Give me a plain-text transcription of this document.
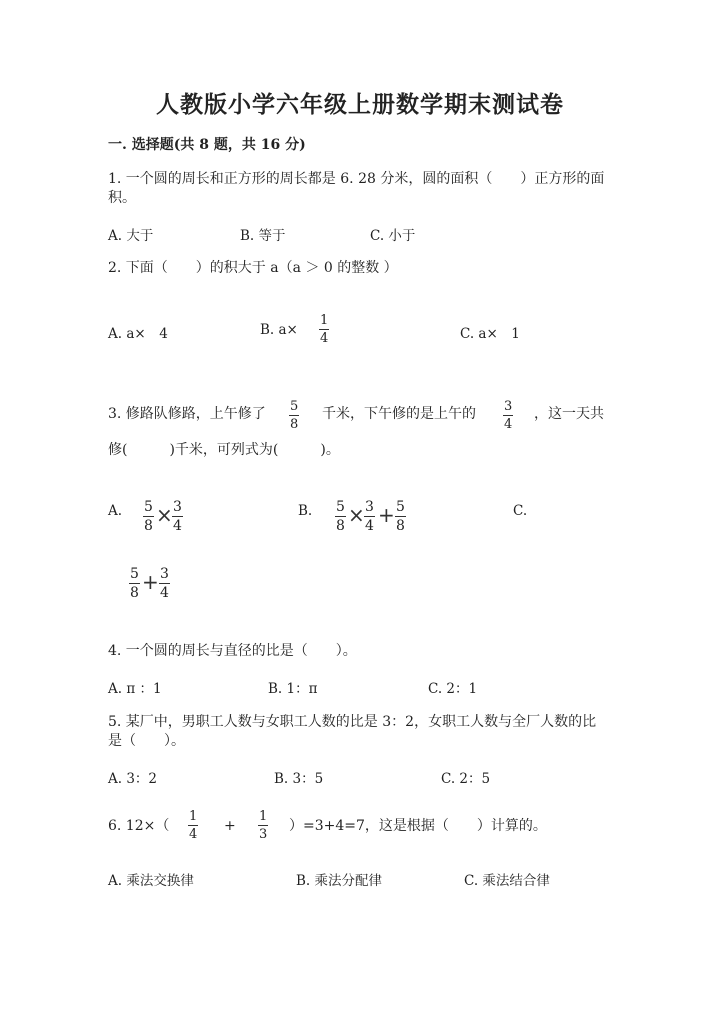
人教版小学六年级上册数学期末测试卷
一. 选择题(共 8 题，共 16 分)
1. 一个圆的周长和正方形的周长都是 6. 28 分米，圆的面积（　　）正方形的面
积。
A. 大于	B. 等于	C. 小于
2. 下面（　　）的积大于 a（a ＞ 0 的整数 ）
A. a×　4	B. a×
1
4	C. a×　1
3. 修路队修路，上午修了 5
8
千米，下午修的是上午的 3
4
，这一天共
修(　　　)千米，可列式为(　　　)。
A. 5
8 × 3
4
B. 5
8 × 3
4 + 5
8
C.
5
8 + 3
4
4. 一个圆的周长与直径的比是（　　）。
A. π ：1	B. 1：π	C. 2：1
5. 某厂中，男职工人数与女职工人数的比是 3：2，女职工人数与全厂人数的比
是（　　）。
A. 3：2	B. 3：5	C. 2：5
6. 12×（
1
4
+
1
3
）=3+4=7，这是根据（　　）计算的。
A. 乘法交换律	B. 乘法分配律	C. 乘法结合律
